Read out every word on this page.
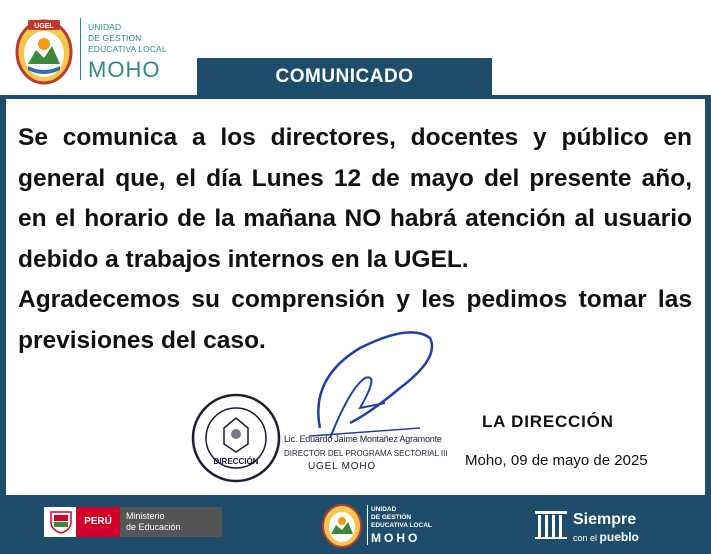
UGEL	UNIDAD
DE GESTION
EDUCATIVA LOCAL
MOHO	COMUNICADO

Se comunica a los directores, docentes y público en general que, el día Lunes 12 de mayo del presente año, en el horario de la mañana NO habrá atención al usuario debido a trabajos internos en la UGEL.

Agradecemos su comprensión y les pedimos tomar las previsiones del caso.

DIRECCIÓN
Lic. Eduardo Jaime Montañez Agramonte
DIRECTOR DEL PROGRAMA SECTORIAL III
UGEL MOHO
LA DIRECCIÓN
Moho, 09 de mayo de 2025
PERÚ	Ministerio
de Educación
UNIDAD
DE GESTIÓN
EDUCATIVA LOCAL
MOHO
Siempre
con el pueblo
